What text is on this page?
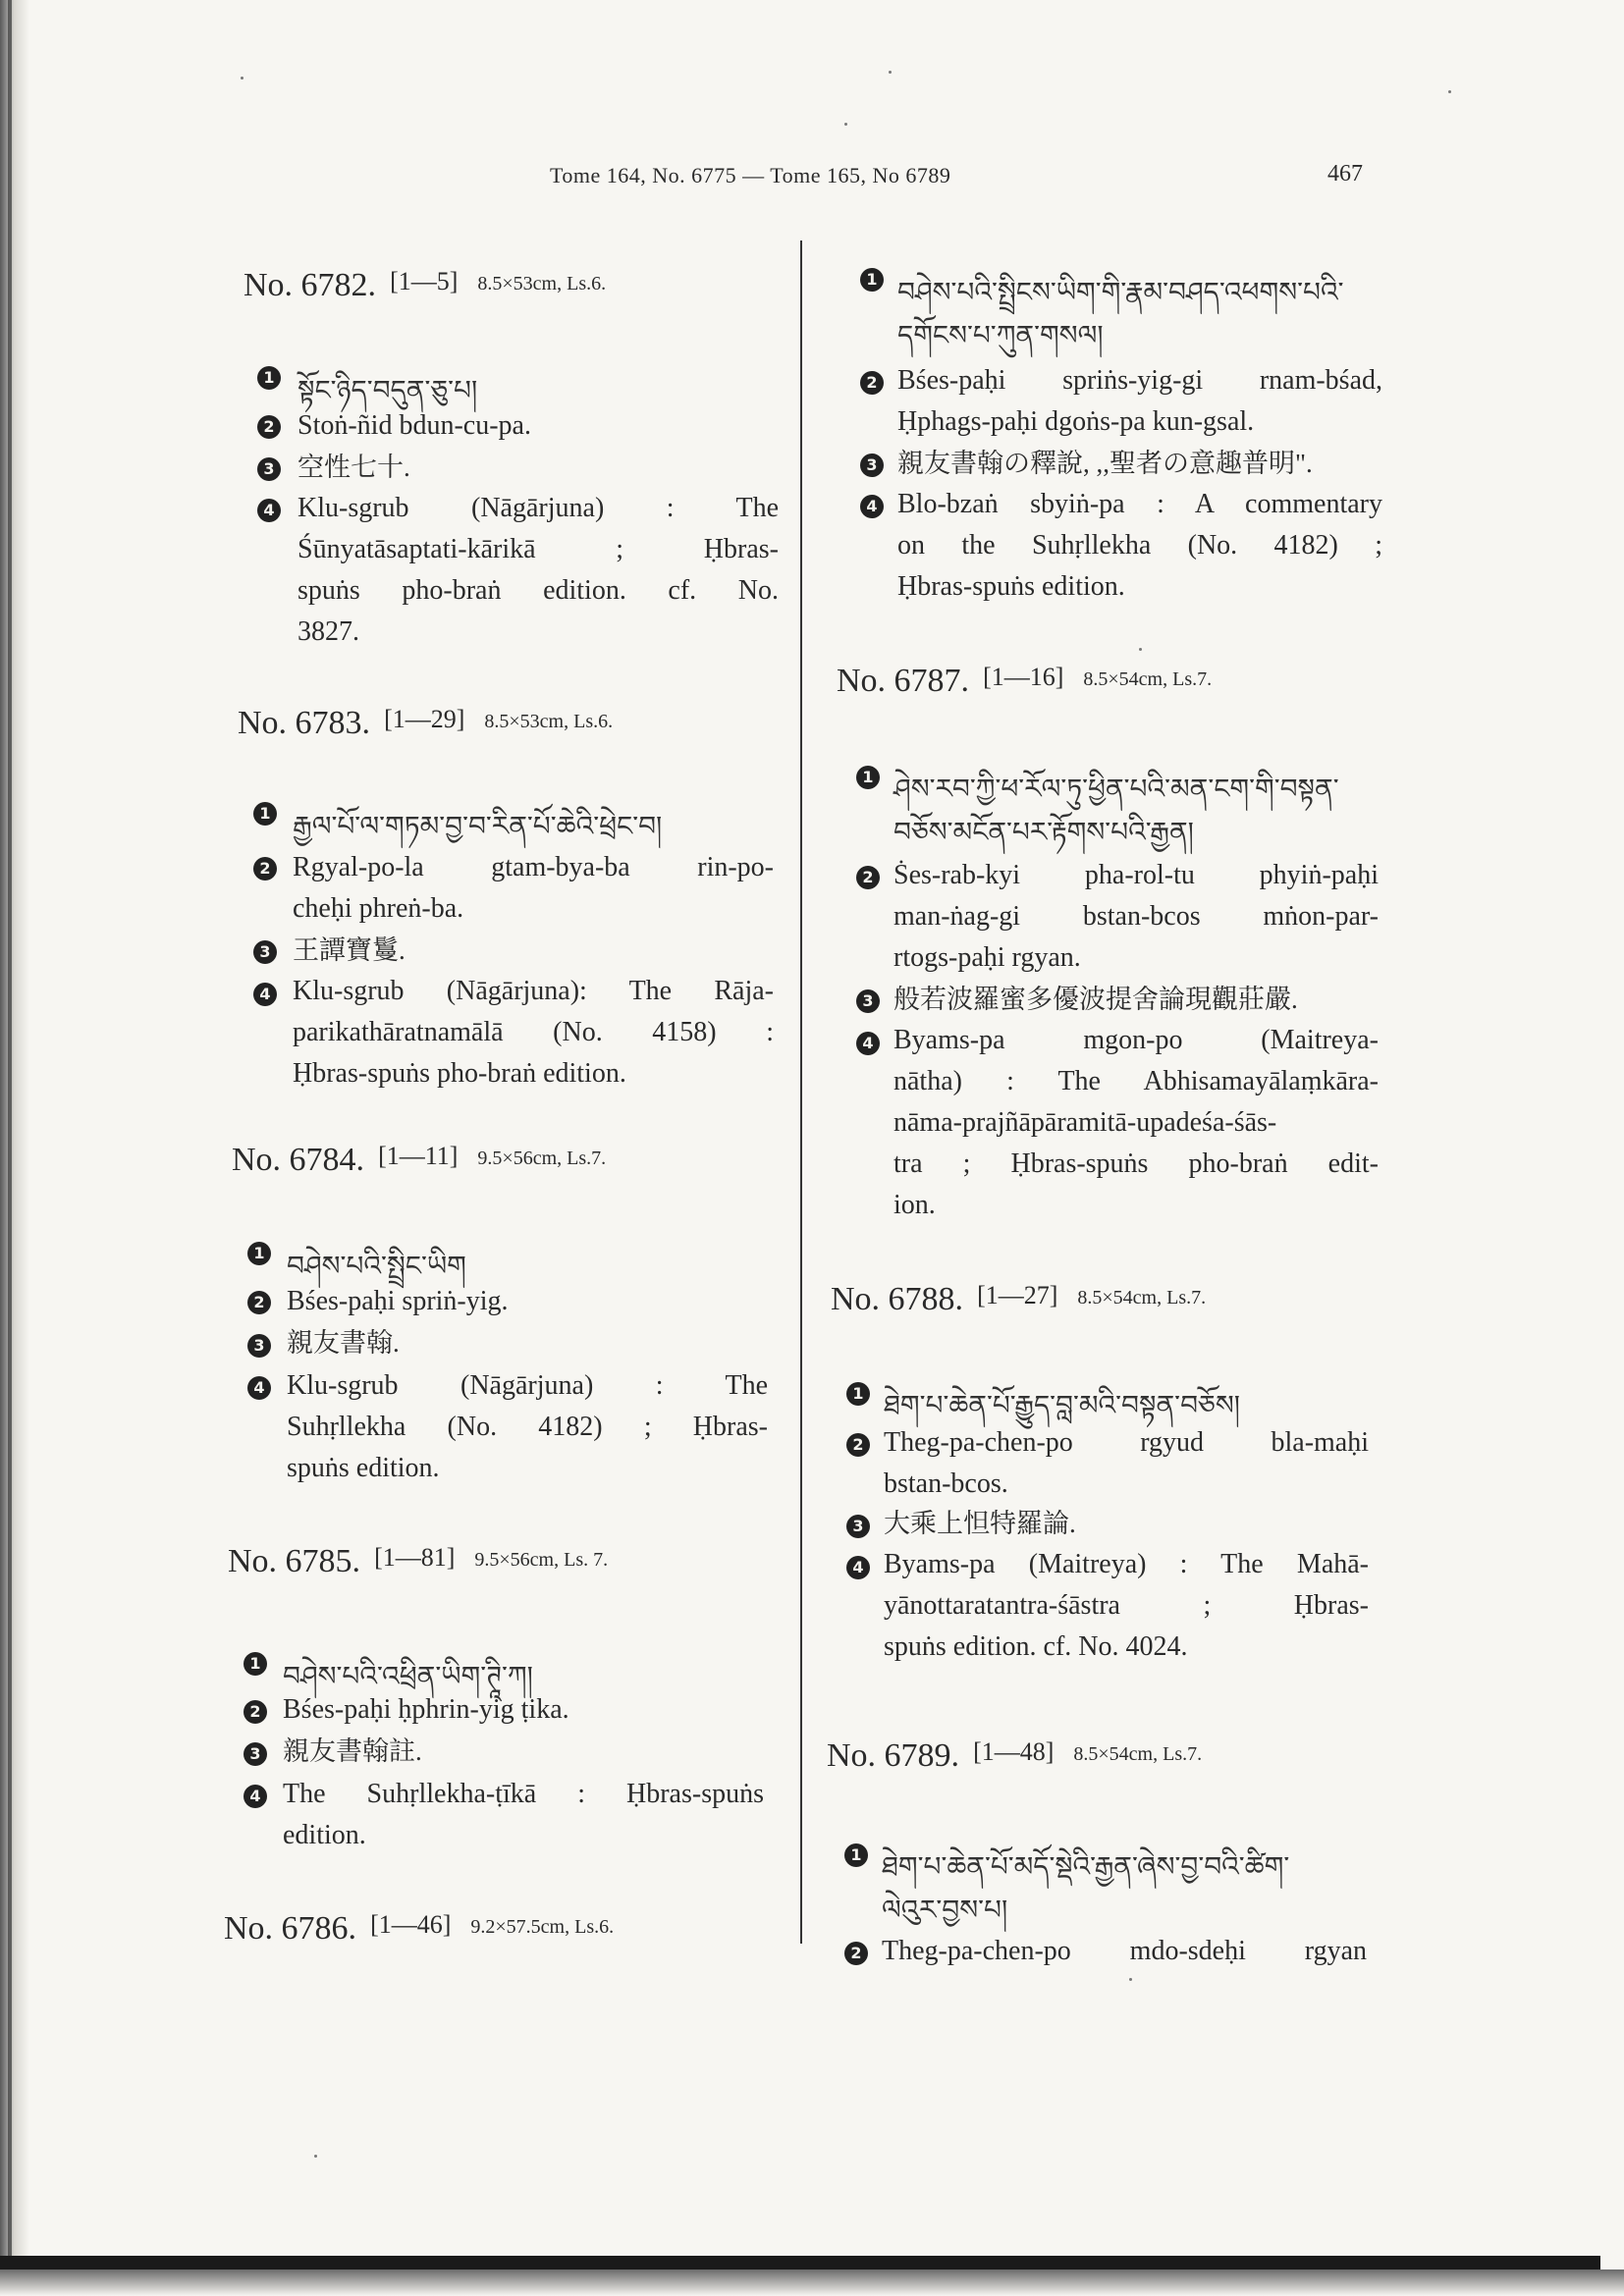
Tome 164, No. 6775 — Tome 165, No 6789	467
No. 6782. [1—5] 8.5×53cm, Ls.6.
1 སྟོང་ཉིད་བདུན་ཅུ་པ།
2 Stoṅ-ñid bdun-cu-pa.
3 空性七十.
4 Klu-sgrub (Nāgārjuna) : The
Śūnyatāsaptati-kārikā ; Ḥbras-
spuṅs pho-braṅ edition. cf. No.
3827.
No. 6783. [1—29] 8.5×53cm, Ls.6.
1 རྒྱལ་པོ་ལ་གཏམ་བྱ་བ་རིན་པོ་ཆེའི་ཕྲེང་བ།
2 Rgyal-po-la gtam-bya-ba rin-po-
cheḥi phreṅ-ba.
3 王譚寶鬘.
4 Klu-sgrub (Nāgārjuna): The Rāja-
parikathāratnamālā (No. 4158) :
Ḥbras-spuṅs pho-braṅ edition.
No. 6784. [1—11] 9.5×56cm, Ls.7.
1 བཤེས་པའི་སྤྲིང་ཡིག
2 Bśes-paḥi spriṅ-yig.
3 親友書翰.
4 Klu-sgrub (Nāgārjuna) : The
Suhṛllekha (No. 4182) ; Ḥbras-
spuṅs edition.
No. 6785. [1—81] 9.5×56cm, Ls. 7.
1 བཤེས་པའི་འཕྲིན་ཡིག་ཊཱི་ཀ།
2 Bśes-paḥi ḥphrin-yig ṭika.
3 親友書翰註.
4 The Suhṛllekha-ṭīkā : Ḥbras-spuṅs
edition.
No. 6786. [1—46] 9.2×57.5cm, Ls.6.
1 བཤེས་པའི་སྤྲིངས་ཡིག་གི་རྣམ་བཤད་འཕགས་པའི་
དགོངས་པ་ཀུན་གསལ།
2 Bśes-paḥi spriṅs-yig-gi rnam-bśad,
Ḥphags-paḥi dgoṅs-pa kun-gsal.
3 親友書翰の釋說, ,,聖者の意趣普明".
4 Blo-bzaṅ sbyiṅ-pa : A commentary
on the Suhṛllekha (No. 4182) ;
Ḥbras-spuṅs edition.
No. 6787. [1—16] 8.5×54cm, Ls.7.
1 ཤེས་རབ་ཀྱི་ཕ་རོལ་ཏུ་ཕྱིན་པའི་མན་ངག་གི་བསྟན་
བཅོས་མངོན་པར་རྟོགས་པའི་རྒྱན།
2 Ṡes-rab-kyi pha-rol-tu phyiṅ-paḥi
man-ṅag-gi bstan-bcos mṅon-par-
rtogs-paḥi rgyan.
3 般若波羅蜜多優波提舍論現觀莊嚴.
4 Byams-pa mgon-po (Maitreya-
nātha) : The Abhisamayālaṃkāra-
nāma-prajñāpāramitā-upadeśa-śās-
tra ; Ḥbras-spuṅs pho-braṅ edit-
ion.
No. 6788. [1—27] 8.5×54cm, Ls.7.
1 ཐེག་པ་ཆེན་པོ་རྒྱུད་བླ་མའི་བསྟན་བཅོས།
2 Theg-pa-chen-po rgyud bla-maḥi
bstan-bcos.
3 大乘上怛特羅論.
4 Byams-pa (Maitreya) : The Mahā-
yānottaratantra-śāstra ; Ḥbras-
spuṅs edition. cf. No. 4024.
No. 6789. [1—48] 8.5×54cm, Ls.7.
1 ཐེག་པ་ཆེན་པོ་མདོ་སྡེའི་རྒྱན་ཞེས་བྱ་བའི་ཚིག་
ལེའུར་བྱས་པ།
2 Theg-pa-chen-po mdo-sdeḥi rgyan
